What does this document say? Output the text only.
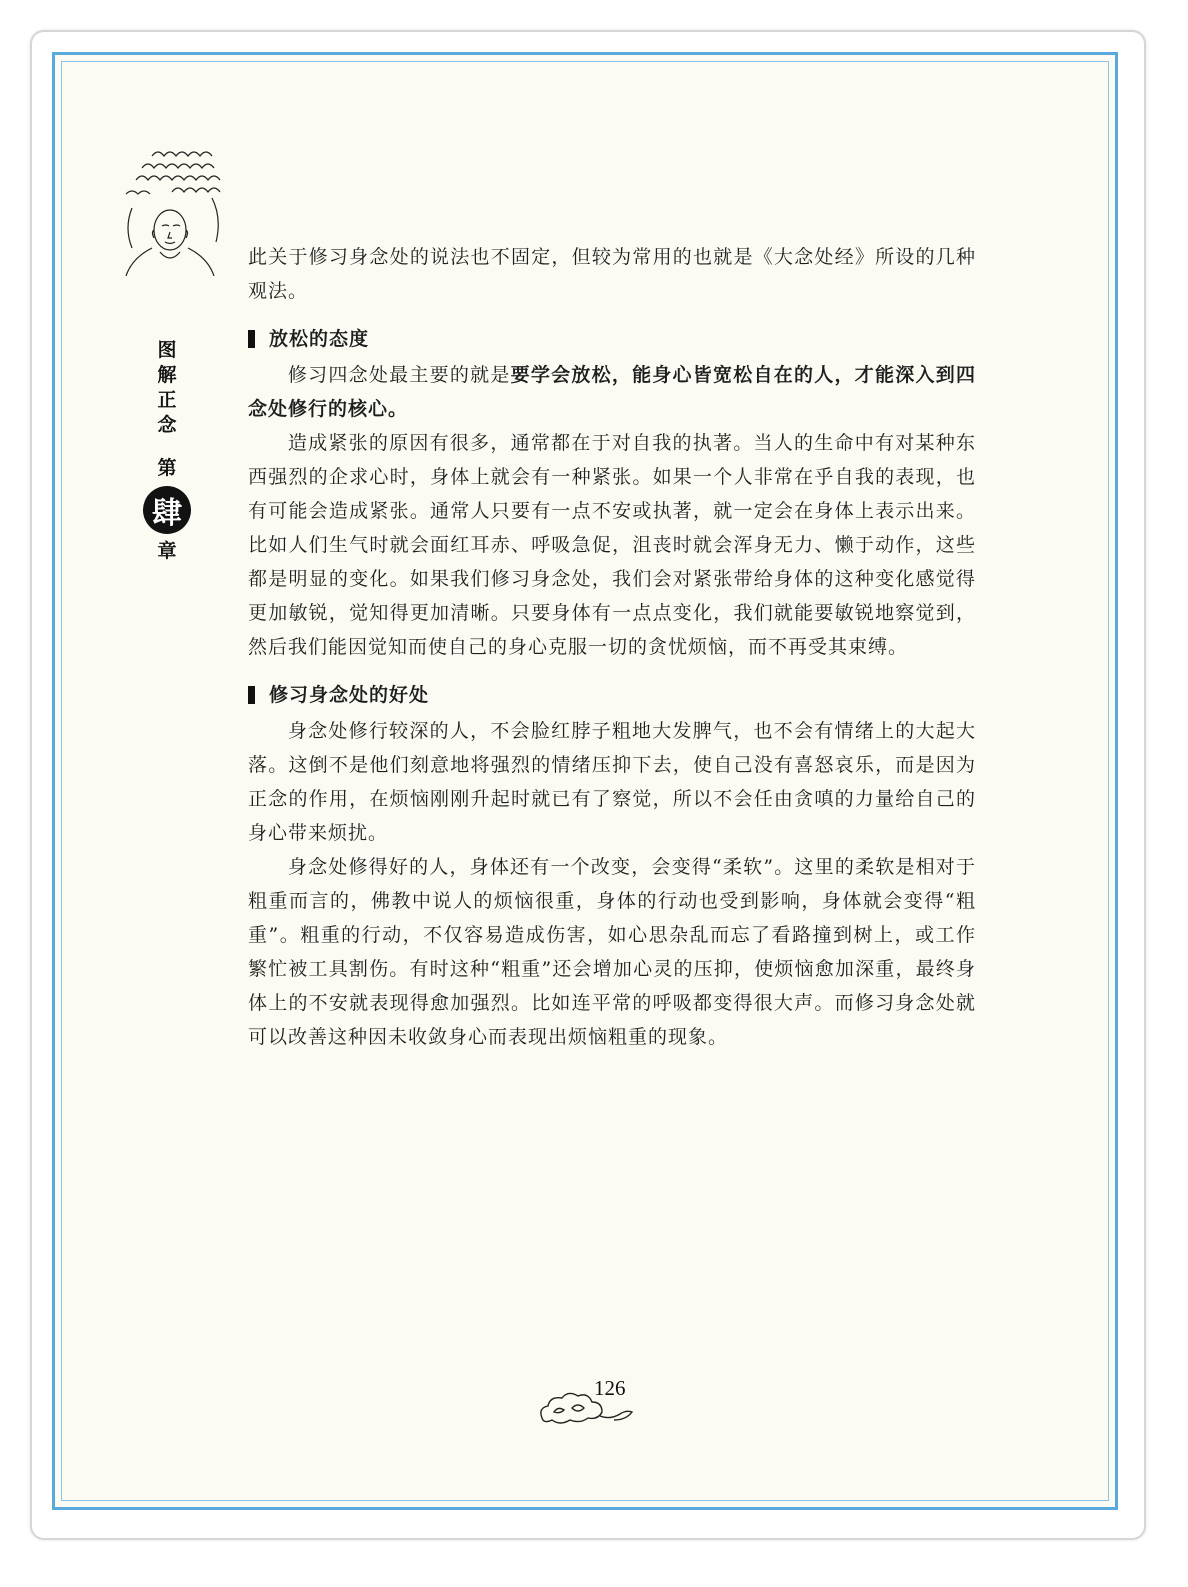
图
解
正
念
第
肆
章

此关于修习身念处的说法也不固定，但较为常用的也就是《大念处经》所设的几种观法。

放松的态度

修习四念处最主要的就是要学会放松，能身心皆宽松自在的人，才能深入到四念处修行的核心。

造成紧张的原因有很多，通常都在于对自我的执著。当人的生命中有对某种东西强烈的企求心时，身体上就会有一种紧张。如果一个人非常在乎自我的表现，也有可能会造成紧张。通常人只要有一点不安或执著，就一定会在身体上表示出来。比如人们生气时就会面红耳赤、呼吸急促，沮丧时就会浑身无力、懒于动作，这些都是明显的变化。如果我们修习身念处，我们会对紧张带给身体的这种变化感觉得更加敏锐，觉知得更加清晰。只要身体有一点点变化，我们就能要敏锐地察觉到，然后我们能因觉知而使自己的身心克服一切的贪忧烦恼，而不再受其束缚。

修习身念处的好处

身念处修行较深的人，不会脸红脖子粗地大发脾气，也不会有情绪上的大起大落。这倒不是他们刻意地将强烈的情绪压抑下去，使自己没有喜怒哀乐，而是因为正念的作用，在烦恼刚刚升起时就已有了察觉，所以不会任由贪嗔的力量给自己的身心带来烦扰。

身念处修得好的人，身体还有一个改变，会变得“柔软”。这里的柔软是相对于粗重而言的，佛教中说人的烦恼很重，身体的行动也受到影响，身体就会变得“粗重”。粗重的行动，不仅容易造成伤害，如心思杂乱而忘了看路撞到树上，或工作繁忙被工具割伤。有时这种“粗重”还会增加心灵的压抑，使烦恼愈加深重，最终身体上的不安就表现得愈加强烈。比如连平常的呼吸都变得很大声。而修习身念处就可以改善这种因未收敛身心而表现出烦恼粗重的现象。

126
